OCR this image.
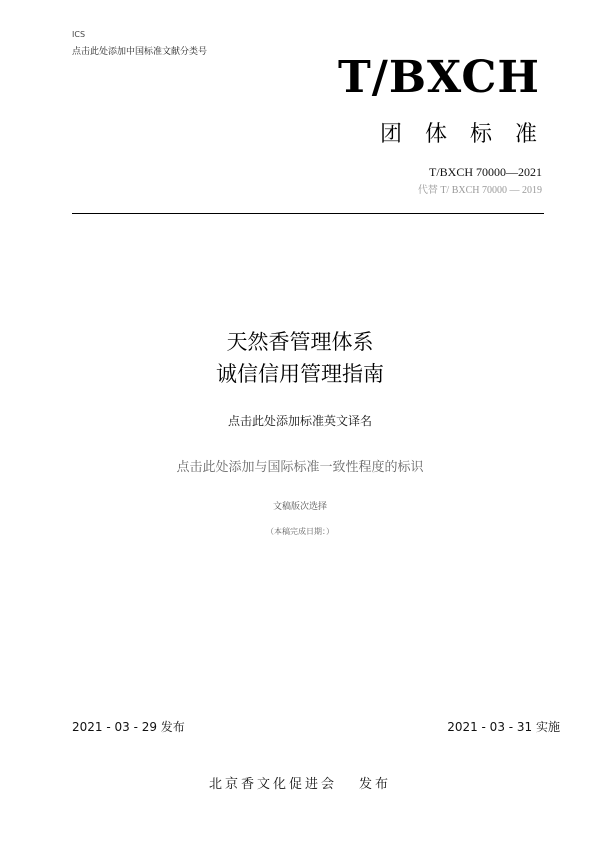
ICS
点击此处添加中国标准文献分类号	T/BXCH
团体标准
T/BXCH 70000—2021
代替 T/ BXCH 70000 — 2019
天然香管理体系
诚信信用管理指南
点击此处添加标准英文译名
点击此处添加与国际标准一致性程度的标识
文稿版次选择
（本稿完成日期：）
2021 - 03 - 29 发布	2021 - 03 - 31 实施
北京香文化促进会 发布
